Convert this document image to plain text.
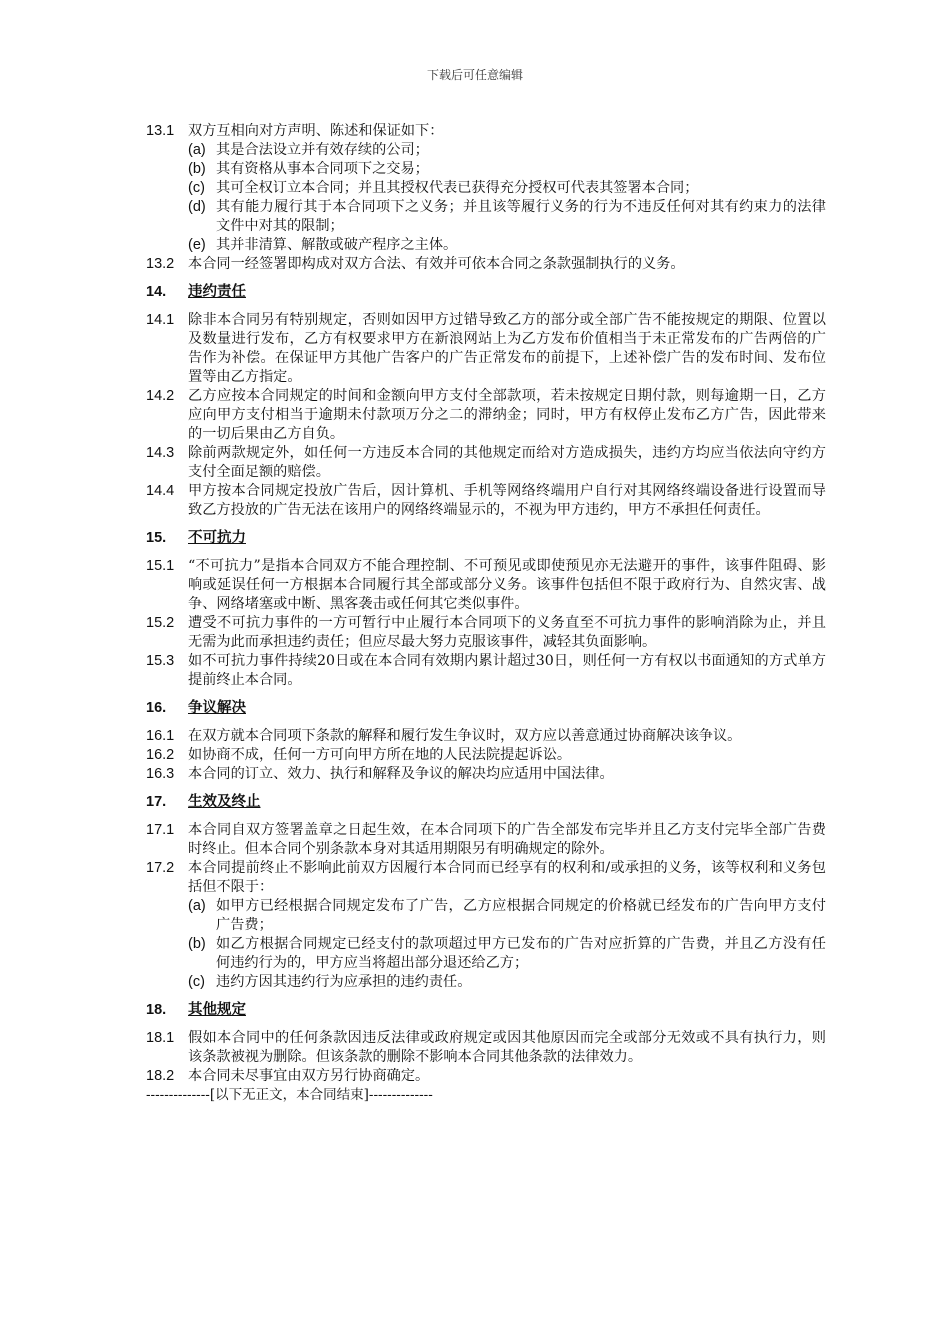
下载后可任意编辑
13.1 双方互相向对方声明、陈述和保证如下：
(a) 其是合法设立并有效存续的公司；
(b) 其有资格从事本合同项下之交易；
(c) 其可全权订立本合同；并且其授权代表已获得充分授权可代表其签署本合同；
(d) 其有能力履行其于本合同项下之义务；并且该等履行义务的行为不违反任何对其有约束力的法律文件中对其的限制；
(e) 其并非清算、解散或破产程序之主体。
13.2 本合同一经签署即构成对双方合法、有效并可依本合同之条款强制执行的义务。
14.	违约责任
14.1 除非本合同另有特别规定，否则如因甲方过错导致乙方的部分或全部广告不能按规定的期限、位置以及数量进行发布，乙方有权要求甲方在新浪网站上为乙方发布价值相当于未正常发布的广告两倍的广告作为补偿。在保证甲方其他广告客户的广告正常发布的前提下，上述补偿广告的发布时间、发布位置等由乙方指定。
14.2 乙方应按本合同规定的时间和金额向甲方支付全部款项，若未按规定日期付款，则每逾期一日，乙方应向甲方支付相当于逾期未付款项万分之二的滞纳金；同时，甲方有权停止发布乙方广告，因此带来的一切后果由乙方自负。
14.3 除前两款规定外，如任何一方违反本合同的其他规定而给对方造成损失，违约方均应当依法向守约方支付全面足额的赔偿。
14.4 甲方按本合同规定投放广告后，因计算机、手机等网络终端用户自行对其网络终端设备进行设置而导致乙方投放的广告无法在该用户的网络终端显示的，不视为甲方违约，甲方不承担任何责任。
15.	不可抗力
15.1 “不可抗力”是指本合同双方不能合理控制、不可预见或即使预见亦无法避开的事件，该事件阻碍、影响或延误任何一方根据本合同履行其全部或部分义务。该事件包括但不限于政府行为、自然灾害、战争、网络堵塞或中断、黑客袭击或任何其它类似事件。
15.2 遭受不可抗力事件的一方可暂行中止履行本合同项下的义务直至不可抗力事件的影响消除为止，并且无需为此而承担违约责任；但应尽最大努力克服该事件，减轻其负面影响。
15.3 如不可抗力事件持续20日或在本合同有效期内累计超过30日，则任何一方有权以书面通知的方式单方提前终止本合同。
16.	争议解决
16.1 在双方就本合同项下条款的解释和履行发生争议时，双方应以善意通过协商解决该争议。
16.2 如协商不成，任何一方可向甲方所在地的人民法院提起诉讼。
16.3 本合同的订立、效力、执行和解释及争议的解决均应适用中国法律。
17.	生效及终止
17.1 本合同自双方签署盖章之日起生效，在本合同项下的广告全部发布完毕并且乙方支付完毕全部广告费时终止。但本合同个别条款本身对其适用期限另有明确规定的除外。
17.2 本合同提前终止不影响此前双方因履行本合同而已经享有的权利和/或承担的义务，该等权利和义务包括但不限于：
(a) 如甲方已经根据合同规定发布了广告，乙方应根据合同规定的价格就已经发布的广告向甲方支付广告费；
(b) 如乙方根据合同规定已经支付的款项超过甲方已发布的广告对应折算的广告费，并且乙方没有任何违约行为的，甲方应当将超出部分退还给乙方；
(c) 违约方因其违约行为应承担的违约责任。
18.	其他规定
18.1 假如本合同中的任何条款因违反法律或政府规定或因其他原因而完全或部分无效或不具有执行力，则该条款被视为删除。但该条款的删除不影响本合同其他条款的法律效力。
18.2 本合同未尽事宜由双方另行协商确定。
--------------[以下无正文，本合同结束]--------------
